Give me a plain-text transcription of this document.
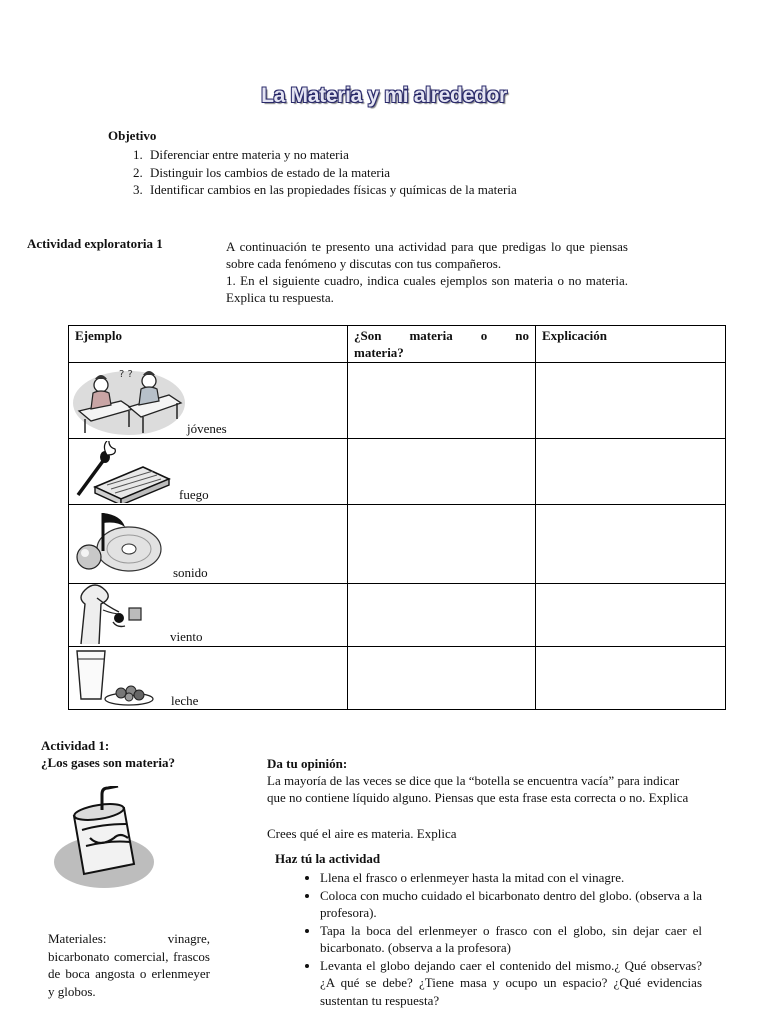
La Materia y mi alrededor
Objetivo
1. Diferenciar entre materia y no materia
2. Distinguir los cambios de estado de la materia
3. Identificar cambios en las propiedades físicas y químicas de la materia
Actividad exploratoria 1	A continuación te presento una actividad para que predigas lo que piensas sobre cada fenómeno y discutas con tus compañeros.
1. En el siguiente cuadro, indica cuales ejemplos son materia o no materia. Explica tu respuesta.
Ejemplo	¿Son materia o no
materia?	Explicación

? ?
jóvenes		

fuego		

sonido		

viento		

leche		

Actividad 1:
¿Los gases son materia?
Materiales: vinagre, bicarbonato comercial, frascos de boca angosta o erlenmeyer y globos.
Da tu opinión:
La mayoría de las veces se dice que la “botella se encuentra vacía” para indicar que no contiene líquido alguno. Piensas que esta frase esta correcta o no. Explica
Crees qué el aire es materia. Explica
Haz tú la actividad
• Llena el frasco o erlenmeyer hasta la mitad con el vinagre.
• Coloca con mucho cuidado el bicarbonato dentro del globo. (observa a la profesora).
• Tapa la boca del erlenmeyer o frasco con el globo, sin dejar caer el bicarbonato. (observa a la profesora)
• Levanta el globo dejando caer el contenido del mismo.¿ Qué observas? ¿A qué se debe? ¿Tiene masa y ocupo un espacio? ¿Qué evidencias sustentan tu respuesta?
